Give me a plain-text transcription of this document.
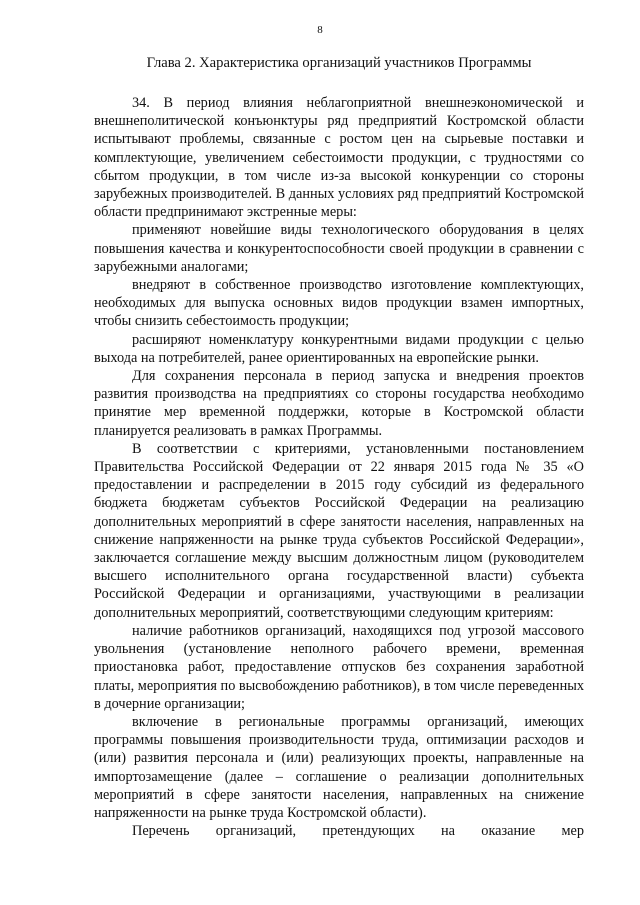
8
Глава 2. Характеристика организаций участников Программы

34. В период влияния неблагоприятной внешнеэкономической и внешнеполитической конъюнктуры ряд предприятий Костромской области испытывают проблемы, связанные с ростом цен на сырьевые поставки и комплектующие, увеличением себестоимости продукции, с трудностями со сбытом продукции, в том числе из-за высокой конкуренции со стороны зарубежных производителей. В данных условиях ряд предприятий Костромской области предпринимают экстренные меры:

применяют новейшие виды технологического оборудования в целях повышения качества и конкурентоспособности своей продукции в сравнении с зарубежными аналогами;

внедряют в собственное производство изготовление комплектующих, необходимых для выпуска основных видов продукции взамен импортных, чтобы снизить себестоимость продукции;

расширяют номенклатуру конкурентными видами продукции с целью выхода на потребителей, ранее ориентированных на европейские рынки.

Для сохранения персонала в период запуска и внедрения проектов развития производства на предприятиях со стороны государства необходимо принятие мер временной поддержки, которые в Костромской области планируется реализовать в рамках Программы.

В соответствии с критериями, установленными постановлением Правительства Российской Федерации от 22 января 2015 года № 35 «О предоставлении и распределении в 2015 году субсидий из федерального бюджета бюджетам субъектов Российской Федерации на реализацию дополнительных мероприятий в сфере занятости населения, направленных на снижение напряженности на рынке труда субъектов Российской Федерации», заключается соглашение между высшим должностным лицом (руководителем высшего исполнительного органа государственной власти) субъекта Российской Федерации и организациями, участвующими в реализации дополнительных мероприятий, соответствующими следующим критериям:

наличие работников организаций, находящихся под угрозой массового увольнения (установление неполного рабочего времени, временная приостановка работ, предоставление отпусков без сохранения заработной платы, мероприятия по высвобождению работников), в том числе переведенных в дочерние организации;

включение в региональные программы организаций, имеющих программы повышения производительности труда, оптимизации расходов и (или) развития персонала и (или) реализующих проекты, направленные на импортозамещение (далее – соглашение о реализации дополнительных мероприятий в сфере занятости населения, направленных на снижение напряженности на рынке труда Костромской области).

Перечень организаций, претендующих на оказание мер
